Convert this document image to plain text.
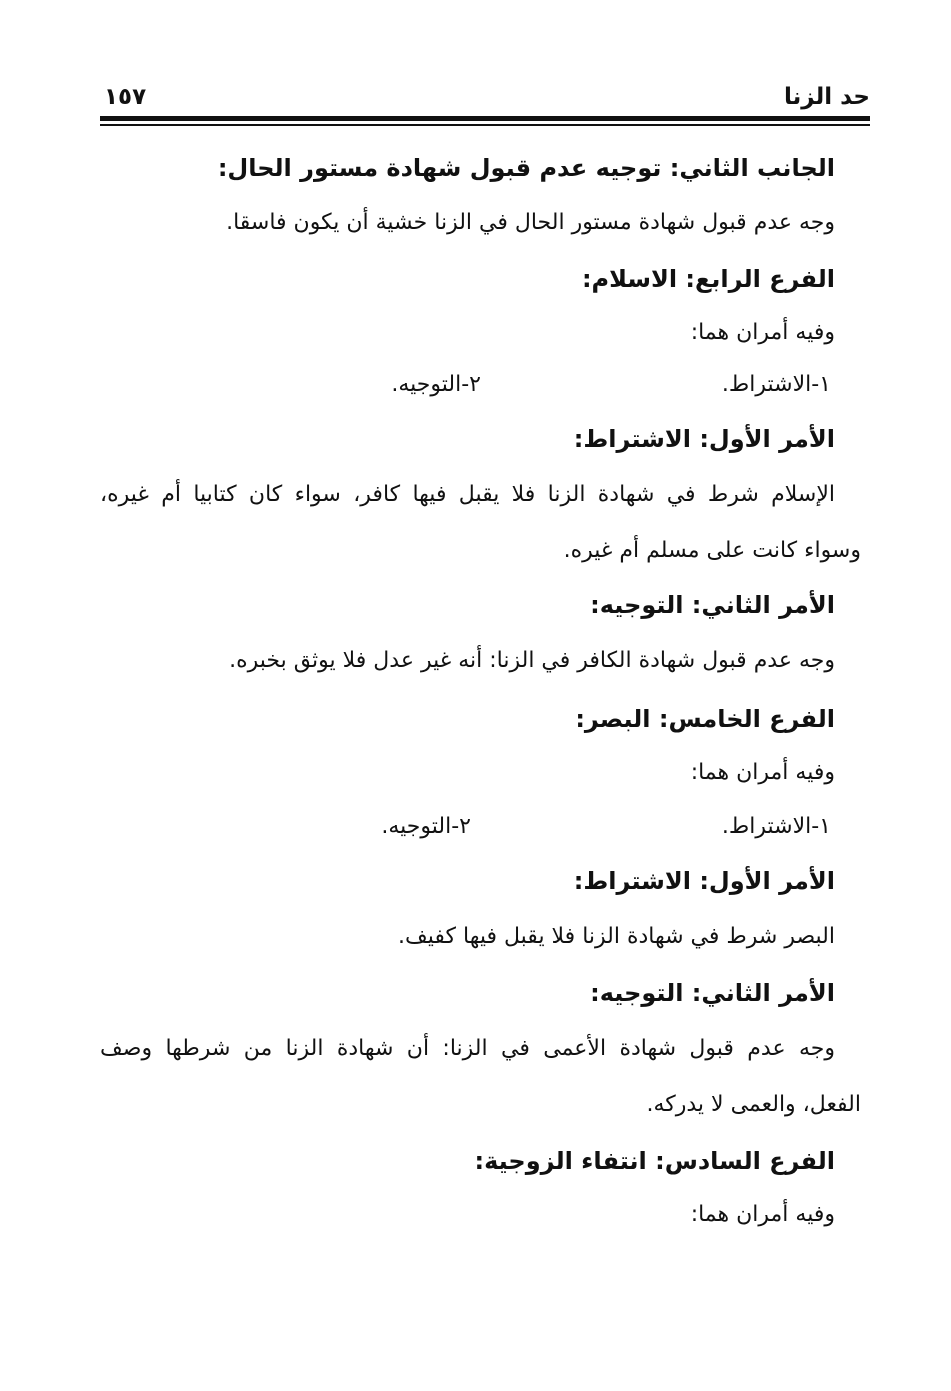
حد الزنا
١٥٧
الجانب الثاني: توجيه عدم قبول شهادة مستور الحال:
وجه عدم قبول شهادة مستور الحال في الزنا خشية أن يكون فاسقا.
الفرع الرابع: الاسلام:
وفيه أمران هما:
١-الاشتراط.
٢-التوجيه.
الأمر الأول: الاشتراط:
الإسلام شرط في شهادة الزنا فلا يقبل فيها كافر، سواء كان كتابيا أم غيره،
وسواء كانت على مسلم أم غيره.
الأمر الثاني: التوجيه:
وجه عدم قبول شهادة الكافر في الزنا: أنه غير عدل فلا يوثق بخبره.
الفرع الخامس: البصر:
وفيه أمران هما:
١-الاشتراط.
٢-التوجيه.
الأمر الأول: الاشتراط:
البصر شرط في شهادة الزنا فلا يقبل فيها كفيف.
الأمر الثاني: التوجيه:
وجه عدم قبول شهادة الأعمى في الزنا: أن شهادة الزنا من شرطها وصف
الفعل، والعمى لا يدركه.
الفرع السادس: انتفاء الزوجية:
وفيه أمران هما:
